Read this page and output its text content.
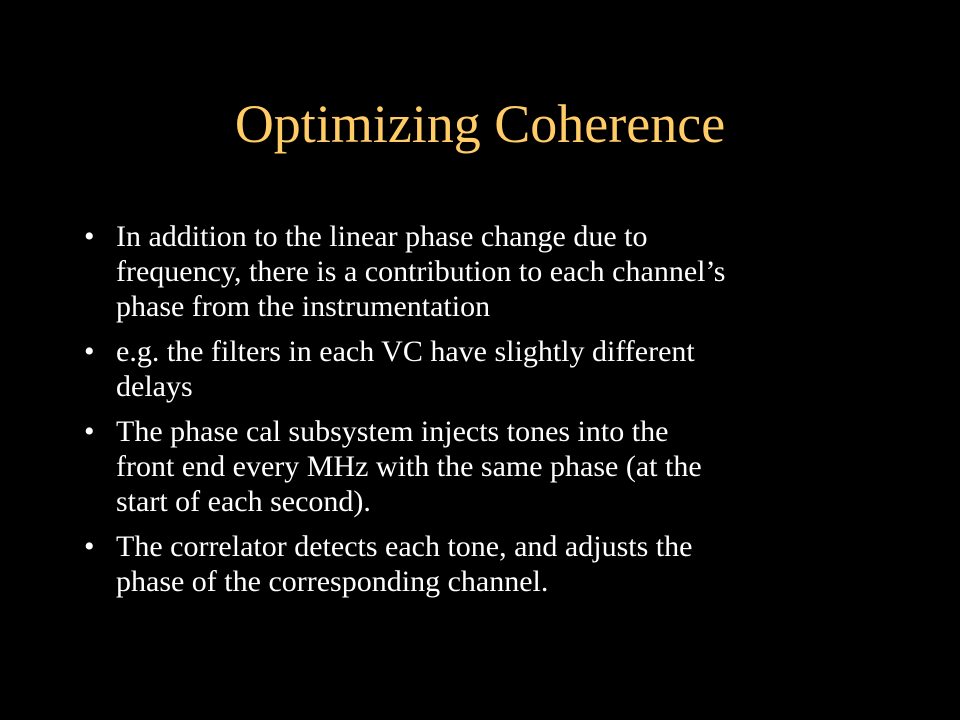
Optimizing Coherence
• In addition to the linear phase change due to
frequency, there is a contribution to each channel’s
phase from the instrumentation
• e.g. the filters in each VC have slightly different
delays
• The phase cal subsystem injects tones into the
front end every MHz with the same phase (at the
start of each second).
• The correlator detects each tone, and adjusts the
phase of the corresponding channel.
